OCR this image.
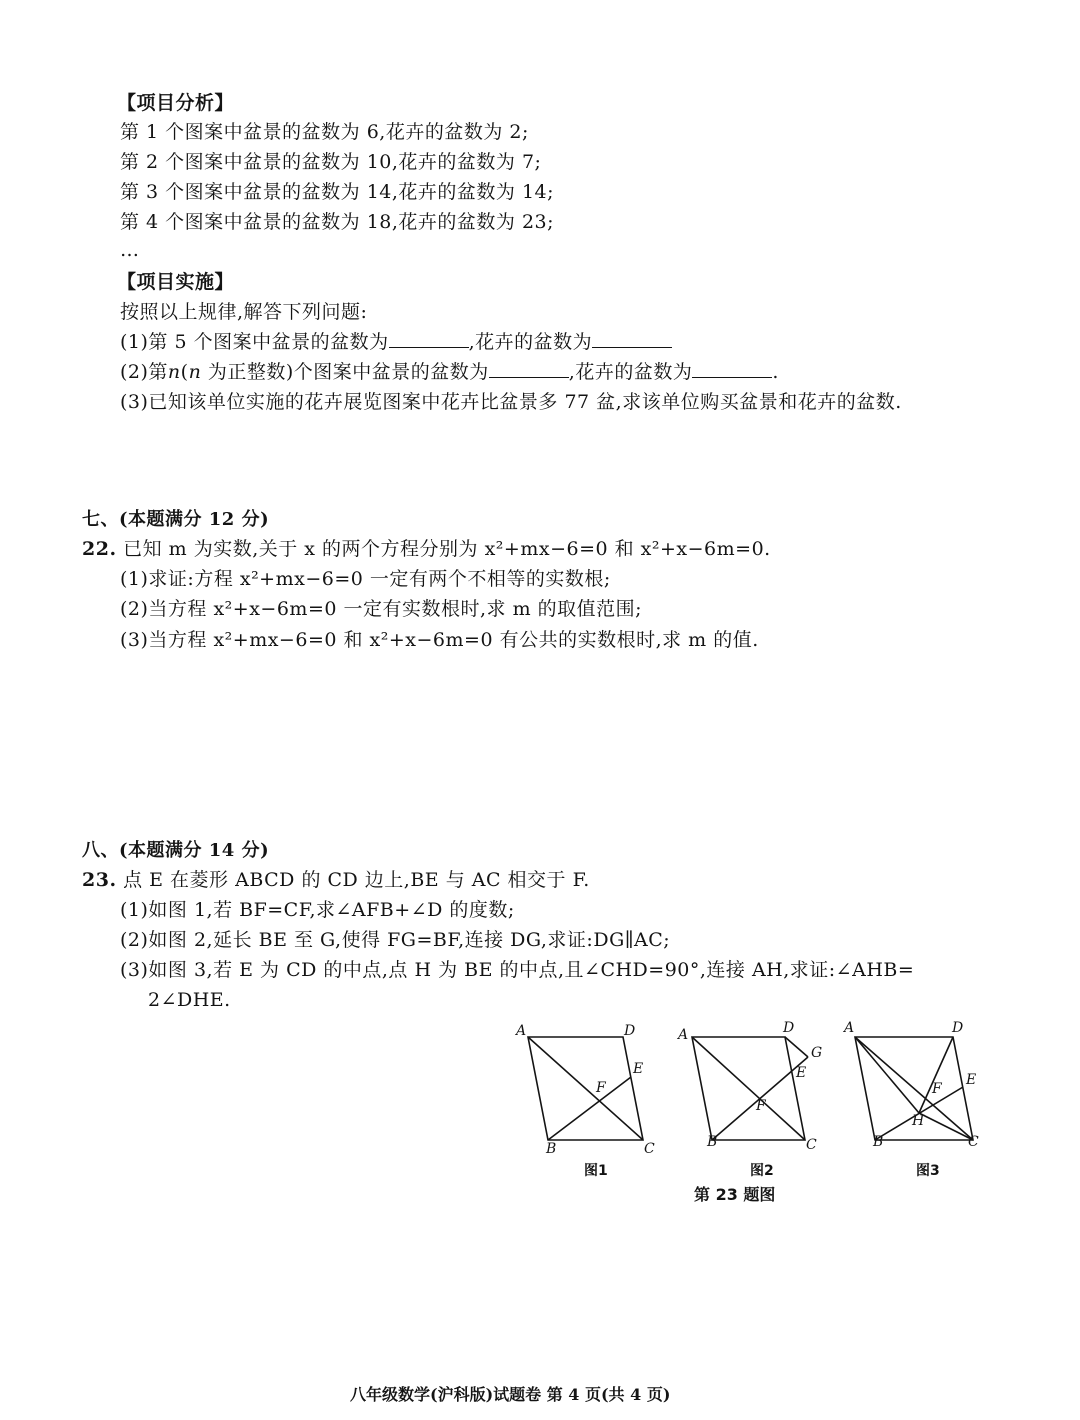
【项目分析】
第 1 个图案中盆景的盆数为 6,花卉的盆数为 2;
第 2 个图案中盆景的盆数为 10,花卉的盆数为 7;
第 3 个图案中盆景的盆数为 14,花卉的盆数为 14;
第 4 个图案中盆景的盆数为 18,花卉的盆数为 23;
…
【项目实施】
按照以上规律,解答下列问题:
(1)第 5 个图案中盆景的盆数为	,花卉的盆数为
(2)第n(n 为正整数)个图案中盆景的盆数为	,花卉的盆数为	.
(3)已知该单位实施的花卉展览图案中花卉比盆景多 77 盆,求该单位购买盆景和花卉的盆数.
七、(本题满分 12 分)
22. 已知 m 为实数,关于 x 的两个方程分别为 x²+mx−6=0 和 x²+x−6m=0.
(1)求证:方程 x²+mx−6=0 一定有两个不相等的实数根;
(2)当方程 x²+x−6m=0 一定有实数根时,求 m 的取值范围;
(3)当方程 x²+mx−6=0 和 x²+x−6m=0 有公共的实数根时,求 m 的值.
八、(本题满分 14 分)
23. 点 E 在菱形 ABCD 的 CD 边上,BE 与 AC 相交于 F.
(1)如图 1,若 BF=CF,求∠AFB+∠D 的度数;
(2)如图 2,延长 BE 至 G,使得 FG=BF,连接 DG,求证:DG∥AC;
(3)如图 3,若 E 为 CD 的中点,点 H 为 BE 的中点,且∠CHD=90°,连接 AH,求证:∠AHB=
2∠DHE.
A	D
E
F
B	C
A	D
G
E
F
B	C
A	D
E
F
H
B	C
图1	图2	图3
第 23 题图
八年级数学(沪科版)试题卷 第 4 页(共 4 页)
